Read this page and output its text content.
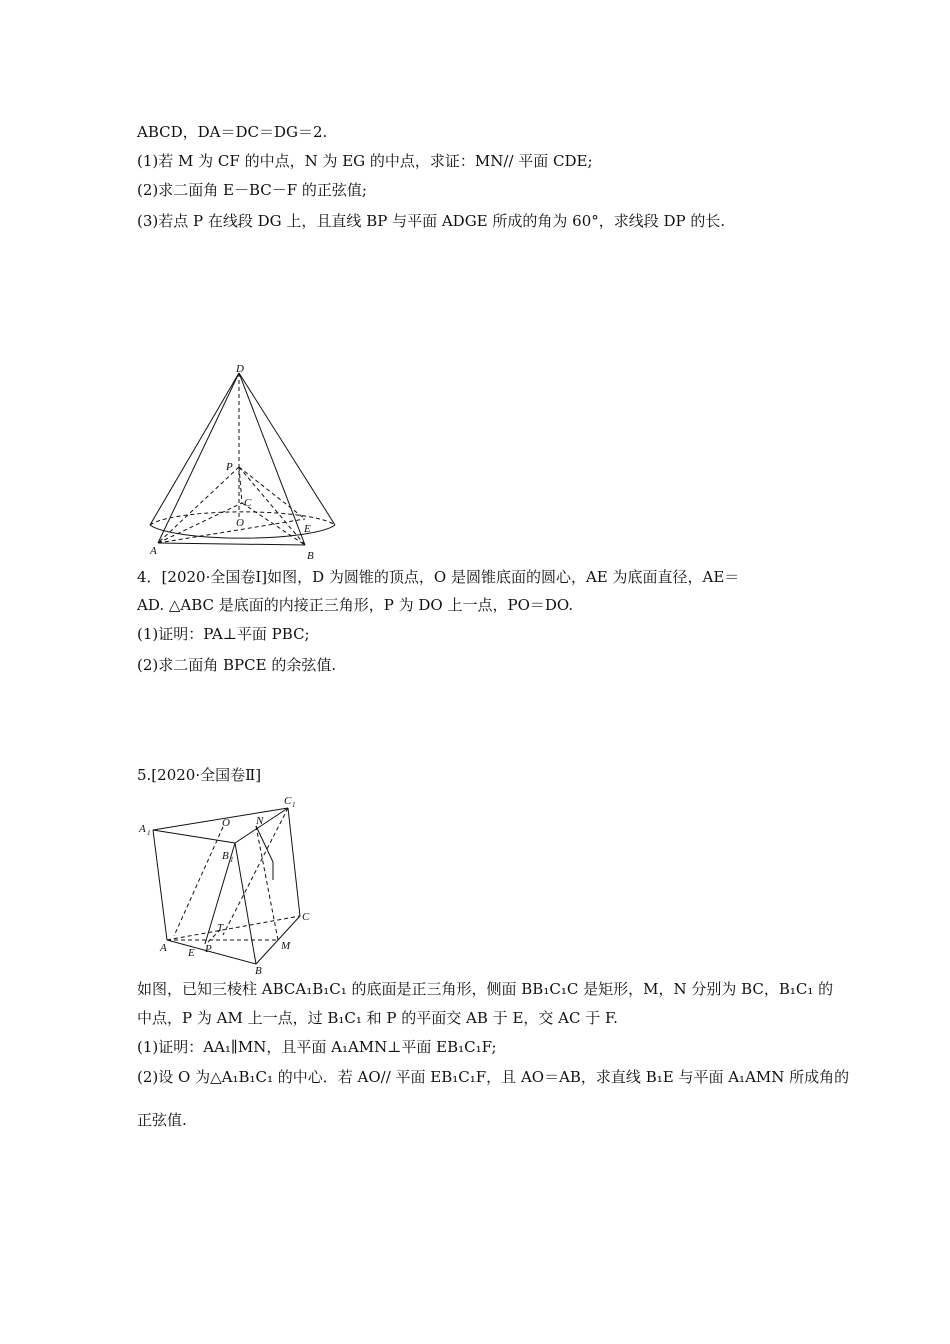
ABCD，DA＝DC＝DG＝2.
(1)若 M 为 CF 的中点，N 为 EG 的中点，求证：MN// 平面 CDE;
(2)求二面角 E－BC－F 的正弦值;
(3)若点 P 在线段 DG 上，且直线 BP 与平面 ADGE 所成的角为 60°，求线段 DP 的长.
D
P
C
O	E
A	B
4．[2020·全国卷Ⅰ]如图，D 为圆锥的顶点，O 是圆锥底面的圆心，AE 为底面直径，AE＝
AD. △ABC 是底面的内接正三角形，P 为 DO 上一点，PO＝DO.
(1)证明：PA⊥平面 PBC;
(2)求二面角 BPCE 的余弦值.
5.[2020·全国卷Ⅱ]
A 1
C 1
O N
B 1
T
C
A E P	M
B
如图，已知三棱柱 ABCA₁B₁C₁ 的底面是正三角形，侧面 BB₁C₁C 是矩形，M，N 分别为 BC，B₁C₁ 的
中点，P 为 AM 上一点，过 B₁C₁ 和 P 的平面交 AB 于 E，交 AC 于 F.
(1)证明：AA₁∥MN，且平面 A₁AMN⊥平面 EB₁C₁F;
(2)设 O 为△A₁B₁C₁ 的中心．若 AO// 平面 EB₁C₁F，且 AO＝AB，求直线 B₁E 与平面 A₁AMN 所成角的
正弦值.
